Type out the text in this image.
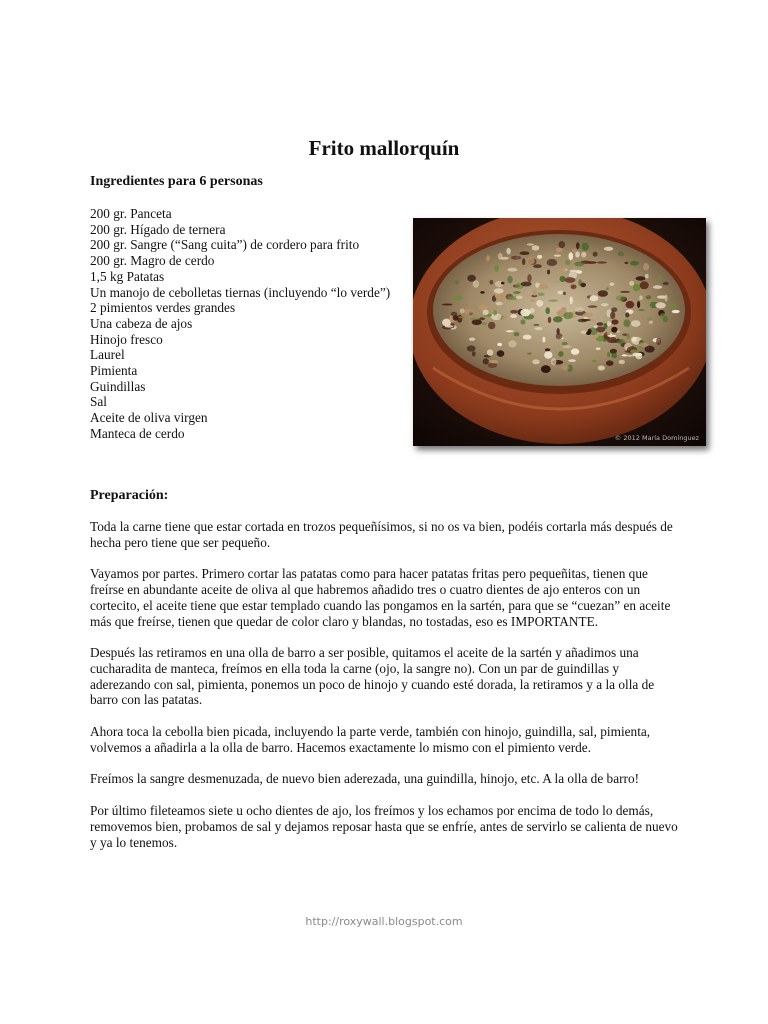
Frito mallorquín
Ingredientes para 6 personas
200 gr. Panceta
200 gr. Hígado de ternera
200 gr. Sangre (“Sang cuita”) de cordero para frito
200 gr. Magro de cerdo
1,5 kg Patatas
Un manojo de cebolletas tiernas (incluyendo “lo verde”)
2 pimientos verdes grandes
Una cabeza de ajos
Hinojo fresco
Laurel
Pimienta
Guindillas
Sal
Aceite de oliva virgen
Manteca de cerdo	© 2012 María Domínguez
Preparación:

Toda la carne tiene que estar cortada en trozos pequeñísimos, si no os va bien, podéis cortarla más después de hecha pero tiene que ser pequeño.

Vayamos por partes. Primero cortar las patatas como para hacer patatas fritas pero pequeñitas, tienen que freírse en abundante aceite de oliva al que habremos añadido tres o cuatro dientes de ajo enteros con un cortecito, el aceite tiene que estar templado cuando las pongamos en la sartén, para que se “cuezan” en aceite más que freírse, tienen que quedar de color claro y blandas, no tostadas, eso es IMPORTANTE.

Después las retiramos en una olla de barro a ser posible, quitamos el aceite de la sartén y añadimos una cucharadita de manteca, freímos en ella toda la carne (ojo, la sangre no). Con un par de guindillas y aderezando con sal, pimienta, ponemos un poco de hinojo y cuando esté dorada, la retiramos y a la olla de barro con las patatas.

Ahora toca la cebolla bien picada, incluyendo la parte verde, también con hinojo, guindilla, sal, pimienta, volvemos a añadirla a la olla de barro. Hacemos exactamente lo mismo con el pimiento verde.

Freímos la sangre desmenuzada, de nuevo bien aderezada, una guindilla, hinojo, etc. A la olla de barro!

Por último fileteamos siete u ocho dientes de ajo, los freímos y los echamos por encima de todo lo demás, removemos bien, probamos de sal y dejamos reposar hasta que se enfríe, antes de servirlo se calienta de nuevo y ya lo tenemos.

http://roxywall.blogspot.com
